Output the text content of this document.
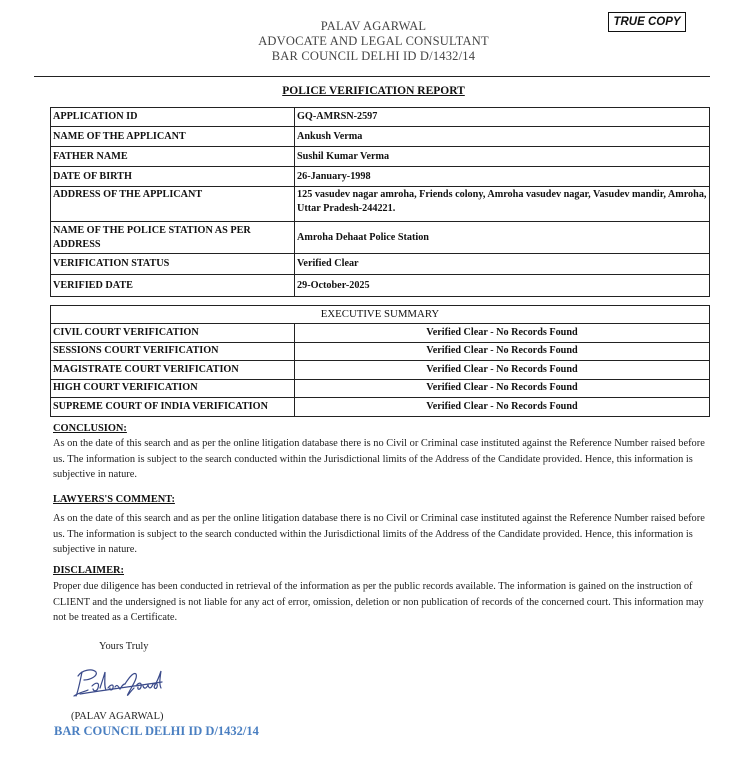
PALAV AGARWAL
ADVOCATE AND LEGAL CONSULTANT
BAR COUNCIL DELHI ID D/1432/14
TRUE COPY
POLICE VERIFICATION REPORT
APPLICATION ID	GQ-AMRSN-2597
NAME OF THE APPLICANT	Ankush Verma
FATHER NAME	Sushil Kumar Verma
DATE OF BIRTH	26-January-1998
ADDRESS OF THE APPLICANT	125 vasudev nagar amroha, Friends colony, Amroha vasudev nagar, Vasudev mandir, Amroha, Uttar Pradesh-244221.
NAME OF THE POLICE STATION AS PER ADDRESS	Amroha Dehaat Police Station
VERIFICATION STATUS	Verified Clear
VERIFIED DATE	29-October-2025
EXECUTIVE SUMMARY	
CIVIL COURT VERIFICATION	Verified Clear - No Records Found
SESSIONS COURT VERIFICATION	Verified Clear - No Records Found
MAGISTRATE COURT VERIFICATION	Verified Clear - No Records Found
HIGH COURT VERIFICATION	Verified Clear - No Records Found
SUPREME COURT OF INDIA VERIFICATION	Verified Clear - No Records Found
CONCLUSION:
As on the date of this search and as per the online litigation database there is no Civil or Criminal case instituted against the Reference Number raised before us. The information is subject to the search conducted within the Jurisdictional limits of the Address of the Candidate provided. Hence, this information is subjective in nature.
LAWYERS'S COMMENT:
As on the date of this search and as per the online litigation database there is no Civil or Criminal case instituted against the Reference Number raised before us. The information is subject to the search conducted within the Jurisdictional limits of the Address of the Candidate provided. Hence, this information is subjective in nature.
DISCLAIMER:
Proper due diligence has been conducted in retrieval of the information as per the public records available. The information is gained on the instruction of CLIENT and the undersigned is not liable for any act of error, omission, deletion or non publication of records of the concerned court. This information may not be treated as a Certificate.
Yours Truly
Palav Agarwal
(PALAV AGARWAL)
BAR COUNCIL DELHI ID D/1432/14
